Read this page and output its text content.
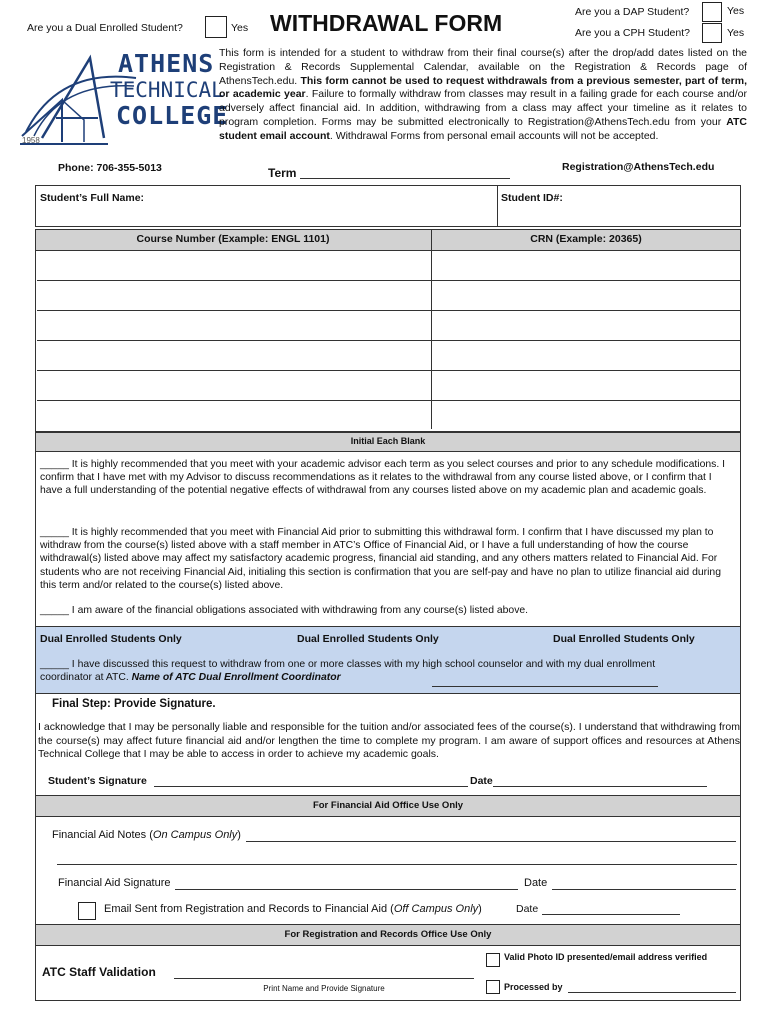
Are you a Dual Enrolled Student?	Yes WITHDRAWAL FORM	Are you a DAP Student?	Yes
Are you a CPH Student?	Yes
ATHENS
TECHNICAL
COLLEGE
1958
This form is intended for a student to withdraw from their final course(s) after the drop/add dates listed on the Registration & Records Supplemental Calendar, available on the Registration & Records page of AthensTech.edu. This form cannot be used to request withdrawals from a previous semester, part of term, or academic year. Failure to formally withdraw from classes may result in a failing grade for each course and/or adversely affect financial aid. In addition, withdrawing from a class may affect your timeline as it relates to program completion. Forms may be submitted electronically to Registration@AthensTech.edu from your ATC student email account. Withdrawal Forms from personal email accounts will not be accepted.
Phone: 706-355-5013	Term	Registration@AthensTech.edu
Student’s Full Name:	Student ID#:
Course Number (Example: ENGL 1101)	CRN (Example: 20365)
Initial Each Blank
_____ It is highly recommended that you meet with your academic advisor each term as you select courses and prior to any schedule modifications. I confirm that I have met with my Advisor to discuss recommendations as it relates to the withdrawal from any course listed above, or I confirm that I have a full understanding of the potential negative effects of withdrawal from any courses listed above on my academic plan and academic goals.
_____ It is highly recommended that you meet with Financial Aid prior to submitting this withdrawal form. I confirm that I have discussed my plan to withdraw from the course(s) listed above with a staff member in ATC’s Office of Financial Aid, or I have a full understanding of how the course withdrawal(s) listed above may affect my satisfactory academic progress, financial aid standing, and any others matters related to Financial Aid. For students who are not receiving Financial Aid, initialing this section is confirmation that you are self-pay and have no plan to utilize financial aid during this term and/or related to the course(s) listed above.
_____ I am aware of the financial obligations associated with withdrawing from any course(s) listed above.
Dual Enrolled Students Only	Dual Enrolled Students Only	Dual Enrolled Students Only
_____ I have discussed this request to withdraw from one or more classes with my high school counselor and with my dual enrollment coordinator at ATC. Name of ATC Dual Enrollment Coordinator
Final Step: Provide Signature.
I acknowledge that I may be personally liable and responsible for the tuition and/or associated fees of the course(s). I understand that withdrawing from the course(s) may affect future financial aid and/or lengthen the time to complete my program. I am aware of support offices and resources at Athens Technical College that I may be able to access in order to achieve my academic goals.
Student’s Signature	Date
For Financial Aid Office Use Only
Financial Aid Notes (On Campus Only)
Financial Aid Signature	Date
Email Sent from Registration and Records to Financial Aid (Off Campus Only)	Date
For Registration and Records Office Use Only
ATC Staff Validation
Print Name and Provide Signature
Valid Photo ID presented/email address verified
Processed by
